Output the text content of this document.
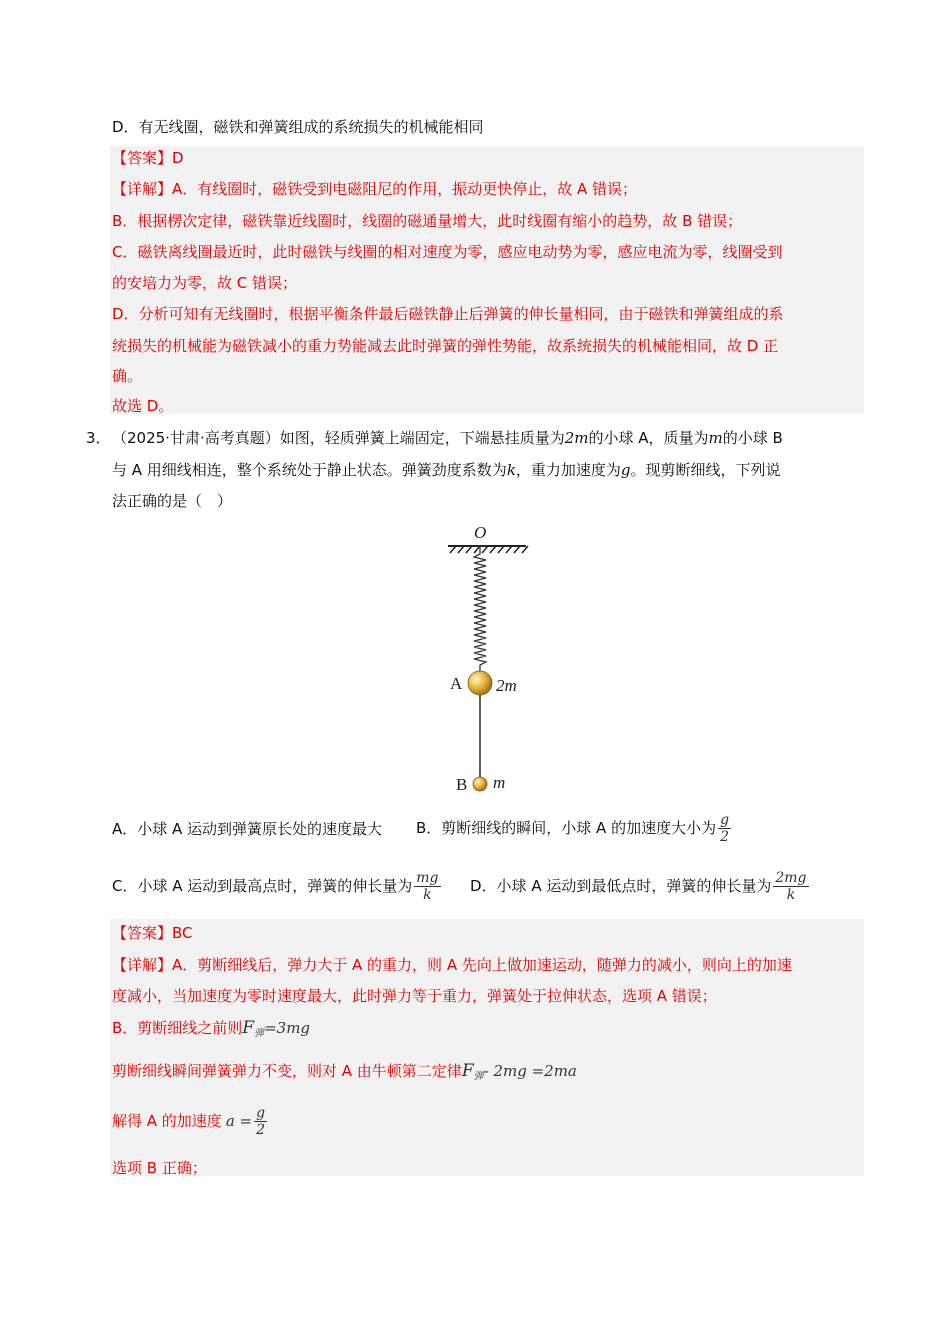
D．有无线圈，磁铁和弹簧组成的系统损失的机械能相同
【答案】D
【详解】A．有线圈时，磁铁受到电磁阻尼的作用，振动更快停止，故 A 错误；
B．根据楞次定律，磁铁靠近线圈时，线圈的磁通量增大，此时线圈有缩小的趋势，故 B 错误；
C．磁铁离线圈最近时，此时磁铁与线圈的相对速度为零，感应电动势为零，感应电流为零，线圈受到
的安培力为零，故 C 错误；
D．分析可知有无线圈时，根据平衡条件最后磁铁静止后弹簧的伸长量相同，由于磁铁和弹簧组成的系
统损失的机械能为磁铁减小的重力势能减去此时弹簧的弹性势能，故系统损失的机械能相同，故 D 正
确。
故选 D。
3． （2025·甘肃·高考真题）如图，轻质弹簧上端固定，下端悬挂质量为2m的小球 A，质量为m的小球 B
与 A 用细线相连，整个系统处于静止状态。弹簧劲度系数为k，重力加速度为g。现剪断细线，下列说
法正确的是（　）
O
A 2m
B m
A．小球 A 运动到弹簧原长处的速度最大 B．剪断细线的瞬间，小球 A 的加速度大小为 $\frac{g}{2}$
C．小球 A 运动到最高点时，弹簧的伸长量为 $\frac{mg}{k}$ D．小球 A 运动到最低点时，弹簧的伸长量为 $\frac{2mg}{k}$
【答案】BC
【详解】A．剪断细线后，弹力大于 A 的重力，则 A 先向上做加速运动，随弹力的减小，则向上的加速
度减小，当加速度为零时速度最大，此时弹力等于重力，弹簧处于拉伸状态，选项 A 错误；
B．剪断细线之前则$F_弹=3mg$
剪断细线瞬间弹簧弹力不变，则对 A 由牛顿第二定律$F_弹-$ 2mg =2ma
解得 A 的加速度 $a = \frac{g}{2}$
选项 B 正确；
